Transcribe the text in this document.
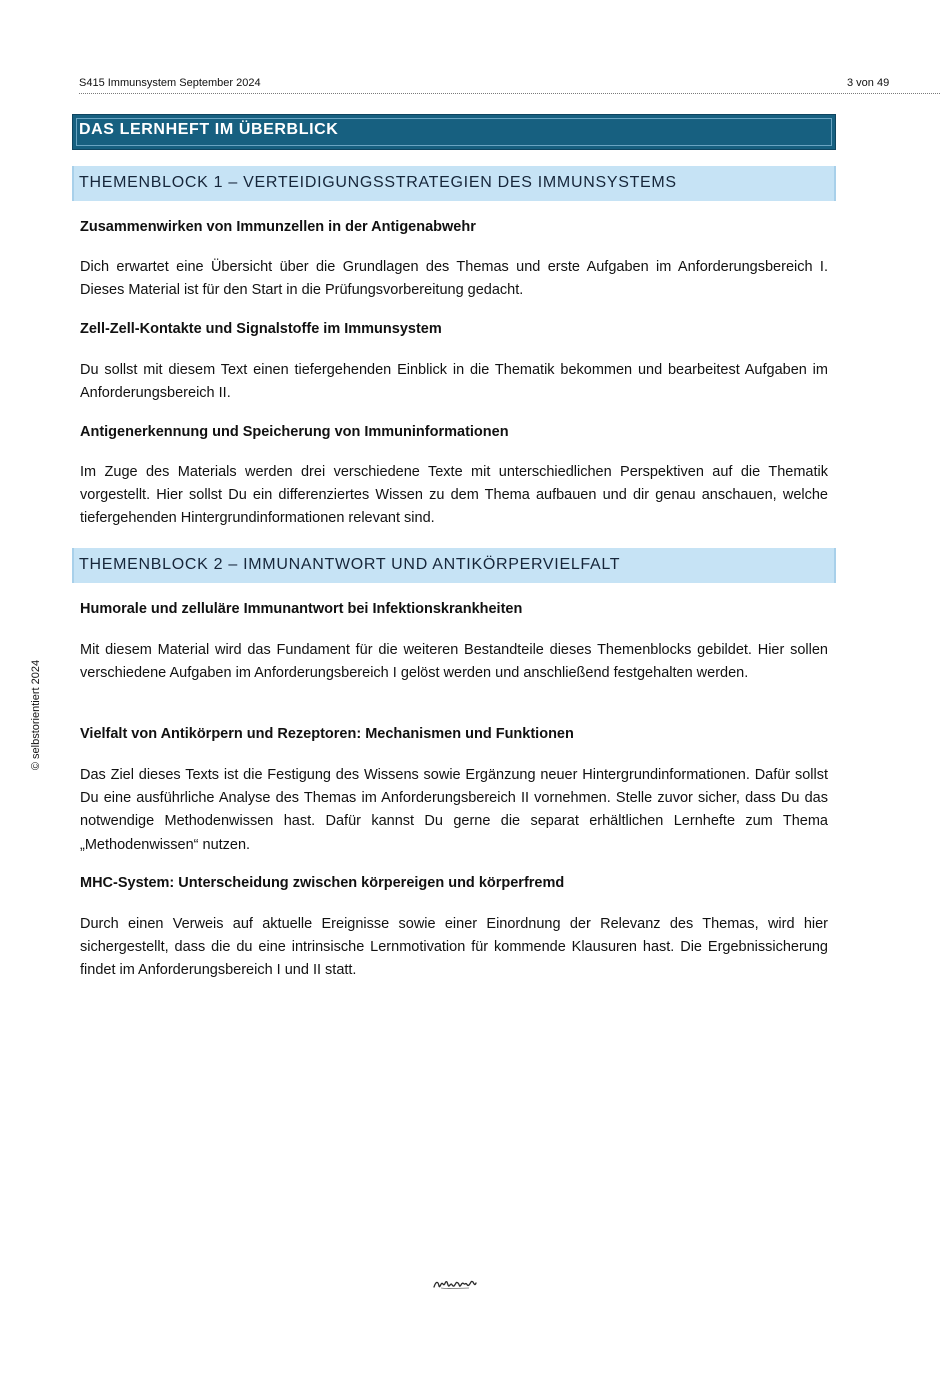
S415 Immunsystem September 2024	3 von 49
DAS LERNHEFT IM ÜBERBLICK
THEMENBLOCK 1 – VERTEIDIGUNGSSTRATEGIEN DES IMMUNSYSTEMS
Zusammenwirken von Immunzellen in der Antigenabwehr
Dich erwartet eine Übersicht über die Grundlagen des Themas und erste Aufgaben im Anforderungsbereich I. Dieses Material ist für den Start in die Prüfungsvorbereitung gedacht.
Zell-Zell-Kontakte und Signalstoffe im Immunsystem
Du sollst mit diesem Text einen tiefergehenden Einblick in die Thematik bekommen und bearbeitest Aufgaben im Anforderungsbereich II.
Antigenerkennung und Speicherung von Immuninformationen
Im Zuge des Materials werden drei verschiedene Texte mit unterschiedlichen Perspektiven auf die Thematik vorgestellt. Hier sollst Du ein differenziertes Wissen zu dem Thema aufbauen und dir genau anschauen, welche tiefergehenden Hintergrundinformationen relevant sind.
THEMENBLOCK 2 – IMMUNANTWORT UND ANTIKÖRPERVIELFALT
Humorale und zelluläre Immunantwort bei Infektionskrankheiten
Mit diesem Material wird das Fundament für die weiteren Bestandteile dieses Themenblocks gebildet. Hier sollen verschiedene Aufgaben im Anforderungsbereich I gelöst werden und anschließend festgehalten werden.
Vielfalt von Antikörpern und Rezeptoren: Mechanismen und Funktionen
Das Ziel dieses Texts ist die Festigung des Wissens sowie Ergänzung neuer Hintergrundinformationen. Dafür sollst Du eine ausführliche Analyse des Themas im Anforderungsbereich II vornehmen. Stelle zuvor sicher, dass Du das notwendige Methodenwissen hast. Dafür kannst Du gerne die separat erhältlichen Lernhefte zum Thema „Methodenwissen“ nutzen.
MHC-System: Unterscheidung zwischen körpereigen und körperfremd
Durch einen Verweis auf aktuelle Ereignisse sowie einer Einordnung der Relevanz des Themas, wird hier sichergestellt, dass die du eine intrinsische Lernmotivation für kommende Klausuren hast. Die Ergebnissicherung findet im Anforderungsbereich I und II statt.
© selbstorientiert 2024
